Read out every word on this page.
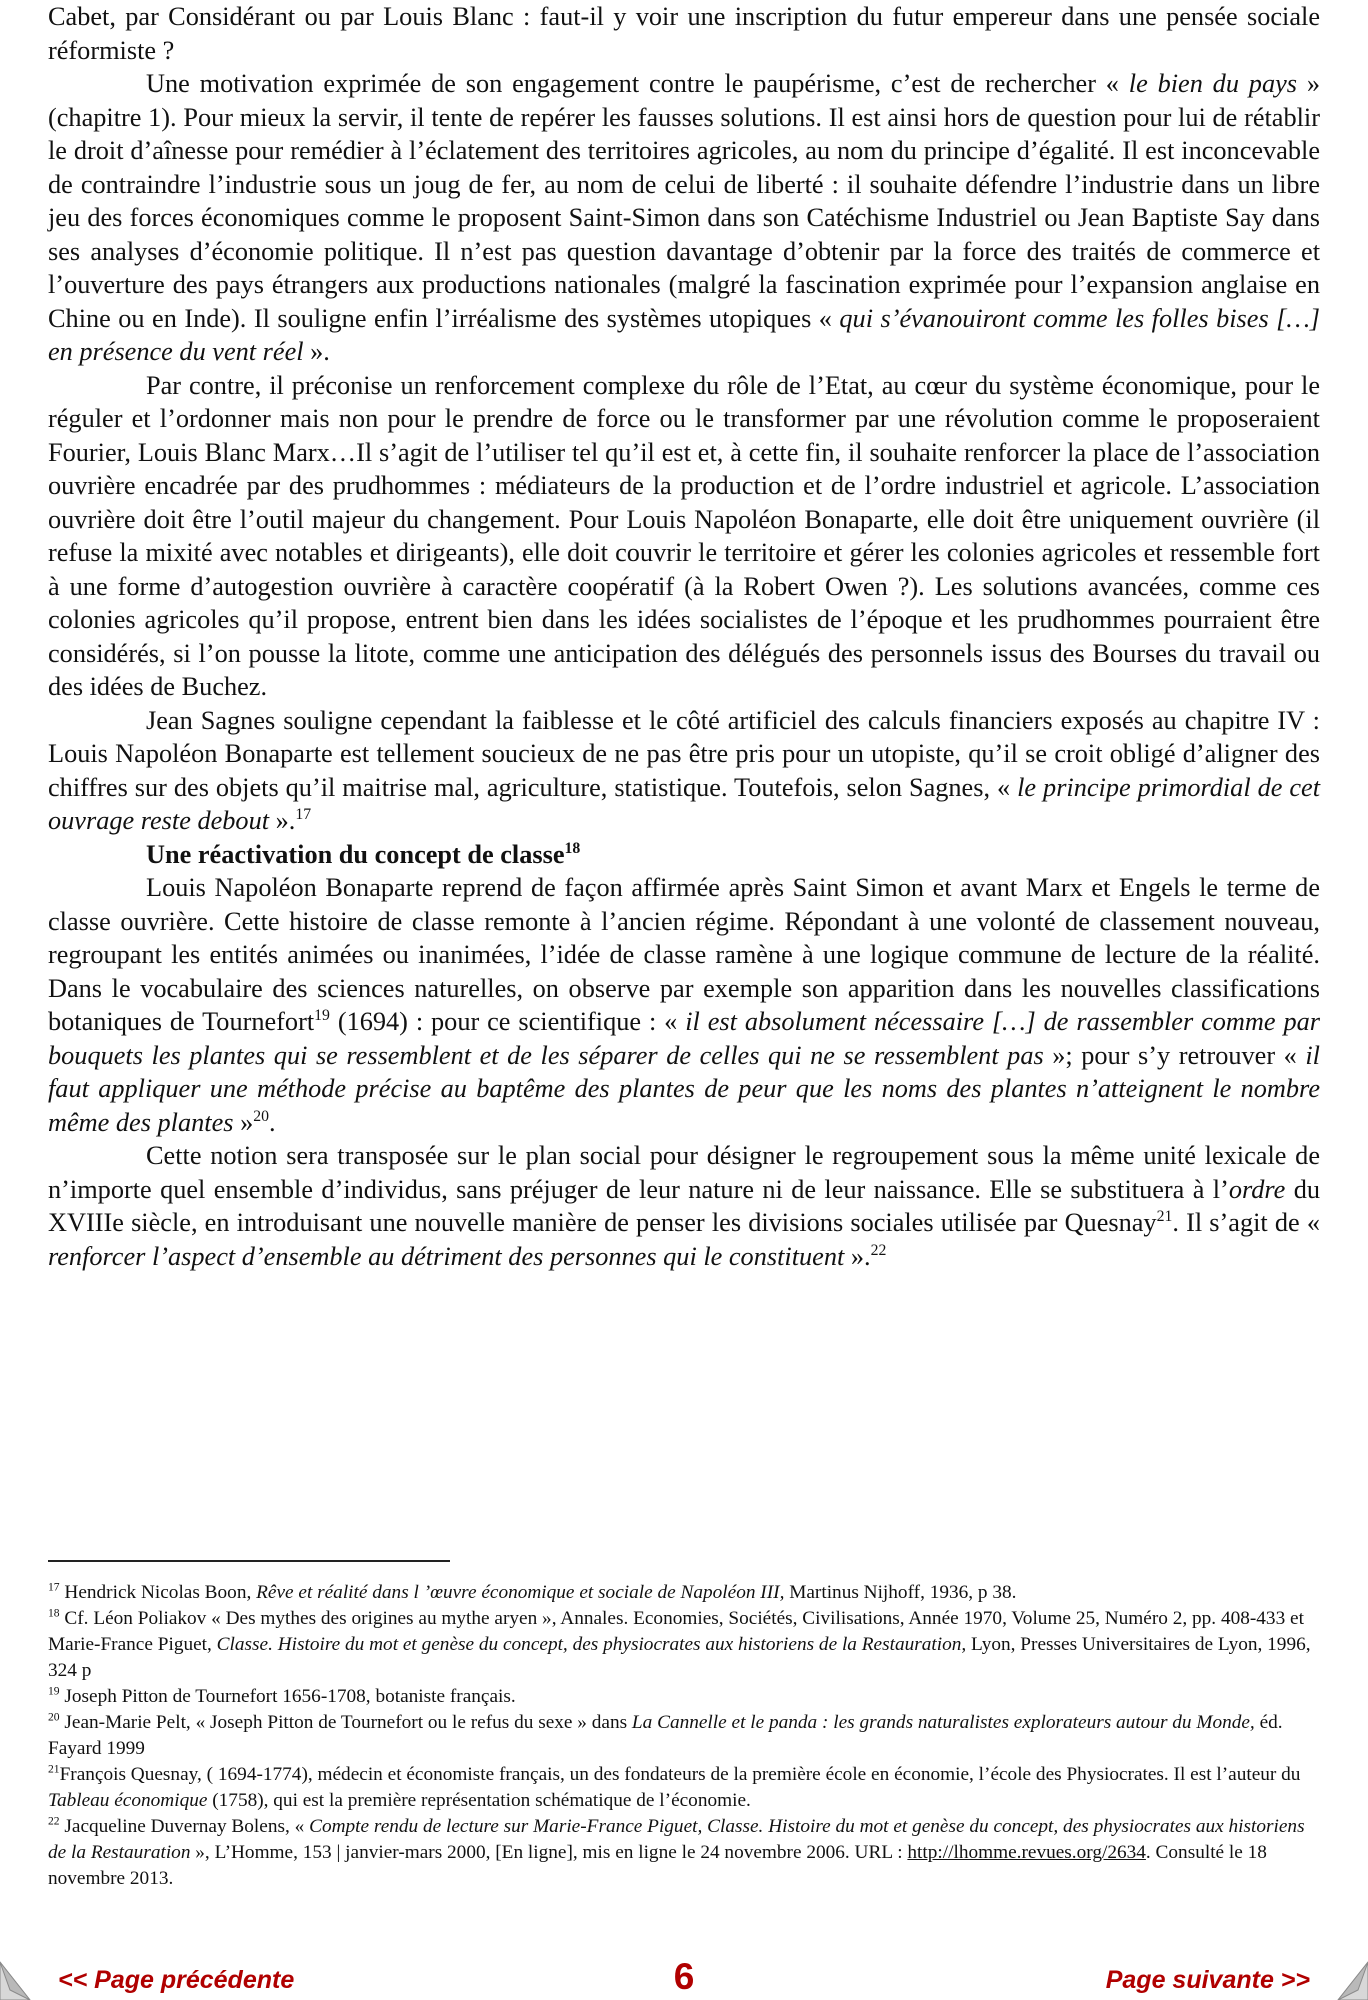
Cabet, par Considérant ou par Louis Blanc : faut-il y voir une inscription du futur empereur dans une pensée sociale réformiste ?

Une motivation exprimée de son engagement contre le paupérisme, c’est de rechercher « le bien du pays » (chapitre 1). Pour mieux la servir, il tente de repérer les fausses solutions. Il est ainsi hors de question pour lui de rétablir le droit d’aînesse pour remédier à l’éclatement des territoires agricoles, au nom du principe d’égalité. Il est inconcevable de contraindre l’industrie sous un joug de fer, au nom de celui de liberté : il souhaite défendre l’industrie dans un libre jeu des forces économiques comme le proposent Saint-Simon dans son Catéchisme Industriel ou Jean Baptiste Say dans ses analyses d’économie politique. Il n’est pas question davantage d’obtenir par la force des traités de commerce et l’ouverture des pays étrangers aux productions nationales (malgré la fascination exprimée pour l’expansion anglaise en Chine ou en Inde). Il souligne enfin l’irréalisme des systèmes utopiques « qui s’évanouiront comme les folles bises […] en présence du vent réel ».

Par contre, il préconise un renforcement complexe du rôle de l’Etat, au cœur du système économique, pour le réguler et l’ordonner mais non pour le prendre de force ou le transformer par une révolution comme le proposeraient Fourier, Louis Blanc Marx…Il s’agit de l’utiliser tel qu’il est et, à cette fin, il souhaite renforcer la place de l’association ouvrière encadrée par des prudhommes : médiateurs de la production et de l’ordre industriel et agricole. L’association ouvrière doit être l’outil majeur du changement. Pour Louis Napoléon Bonaparte, elle doit être uniquement ouvrière (il refuse la mixité avec notables et dirigeants), elle doit couvrir le territoire et gérer les colonies agricoles et ressemble fort à une forme d’autogestion ouvrière à caractère coopératif (à la Robert Owen ?). Les solutions avancées, comme ces colonies agricoles qu’il propose, entrent bien dans les idées socialistes de l’époque et les prudhommes pourraient être considérés, si l’on pousse la litote, comme une anticipation des délégués des personnels issus des Bourses du travail ou des idées de Buchez.

Jean Sagnes souligne cependant la faiblesse et le côté artificiel des calculs financiers exposés au chapitre IV : Louis Napoléon Bonaparte est tellement soucieux de ne pas être pris pour un utopiste, qu’il se croit obligé d’aligner des chiffres sur des objets qu’il maitrise mal, agriculture, statistique. Toutefois, selon Sagnes, « le principe primordial de cet ouvrage reste debout ».$^{17}$

Une réactivation du concept de classe$^{18}$

Louis Napoléon Bonaparte reprend de façon affirmée après Saint Simon et avant Marx et Engels le terme de classe ouvrière. Cette histoire de classe remonte à l’ancien régime. Répondant à une volonté de classement nouveau, regroupant les entités animées ou inanimées, l’idée de classe ramène à une logique commune de lecture de la réalité. Dans le vocabulaire des sciences naturelles, on observe par exemple son apparition dans les nouvelles classifications botaniques de Tournefort$^{19}$ (1694) : pour ce scientifique : « il est absolument nécessaire […] de rassembler comme par bouquets les plantes qui se ressemblent et de les séparer de celles qui ne se ressemblent pas »; pour s’y retrouver « il faut appliquer une méthode précise au baptême des plantes de peur que les noms des plantes n’atteignent le nombre même des plantes »$^{20}$.

Cette notion sera transposée sur le plan social pour désigner le regroupement sous la même unité lexicale de n’importe quel ensemble d’individus, sans préjuger de leur nature ni de leur naissance. Elle se substituera à l’ordre du XVIIIe siècle, en introduisant une nouvelle manière de penser les divisions sociales utilisée par Quesnay$^{21}$. Il s’agit de « renforcer l’aspect d’ensemble au détriment des personnes qui le constituent ».$^{22}$

$^{17}$ Hendrick Nicolas Boon, Rêve et réalité dans l ’œuvre économique et sociale de Napoléon III, Martinus Nijhoff, 1936, p 38.

$^{18}$ Cf. Léon Poliakov « Des mythes des origines au mythe aryen », Annales. Economies, Sociétés, Civilisations, Année 1970, Volume 25, Numéro 2, pp. 408-433 et Marie-France Piguet, Classe. Histoire du mot et genèse du concept, des physiocrates aux historiens de la Restauration, Lyon, Presses Universitaires de Lyon, 1996, 324 p

$^{19}$ Joseph Pitton de Tournefort 1656-1708, botaniste français.

$^{20}$ Jean-Marie Pelt, « Joseph Pitton de Tournefort ou le refus du sexe » dans La Cannelle et le panda : les grands naturalistes explorateurs autour du Monde, éd. Fayard 1999

$^{21}$François Quesnay, ( 1694-1774), médecin et économiste français, un des fondateurs de la première école en économie, l’école des Physiocrates. Il est l’auteur du Tableau économique (1758), qui est la première représentation schématique de l’économie.

$^{22}$ Jacqueline Duvernay Bolens, « Compte rendu de lecture sur Marie-France Piguet, Classe. Histoire du mot et genèse du concept, des physiocrates aux historiens de la Restauration », L’Homme, 153 | janvier-mars 2000, [En ligne], mis en ligne le 24 novembre 2006. URL : http://lhomme.revues.org/2634. Consulté le 18 novembre 2013.

<< Page précédente	6	Page suivante >>
